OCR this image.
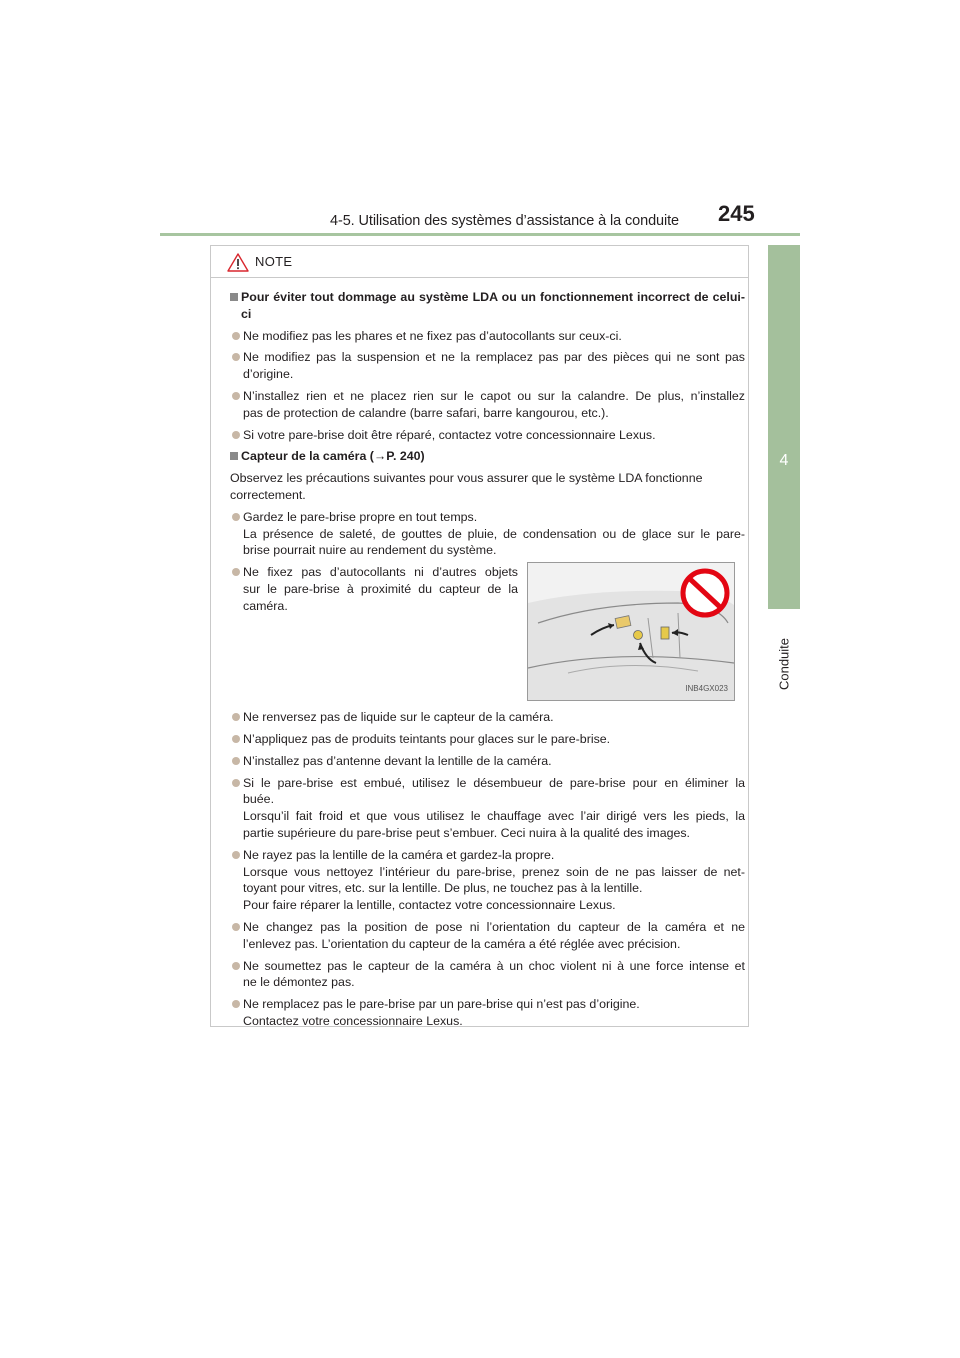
4-5. Utilisation des systèmes d’assistance à la conduite 245
4
Conduite
NOTE
Pour éviter tout dommage au système LDA ou un fonctionnement incorrect de celui-
ci
Ne modifiez pas les phares et ne fixez pas d’autocollants sur ceux-ci.
Ne modifiez pas la suspension et ne la remplacez pas par des pièces qui ne sont pas
d’origine.
N’installez rien et ne placez rien sur le capot ou sur la calandre. De plus, n’installez
pas de protection de calandre (barre safari, barre kangourou, etc.).
Si votre pare-brise doit être réparé, contactez votre concessionnaire Lexus.
Capteur de la caméra (→P. 240)
Observez les précautions suivantes pour vous assurer que le système LDA fonctionne
correctement.
Gardez le pare-brise propre en tout temps.
La présence de saleté, de gouttes de pluie, de condensation ou de glace sur le pare-
brise pourrait nuire au rendement du système.
Ne fixez pas d’autocollants ni d’autres objets
sur le pare-brise à proximité du capteur de la
caméra.
INB4GX023
Ne renversez pas de liquide sur le capteur de la caméra.
N’appliquez pas de produits teintants pour glaces sur le pare-brise.
N’installez pas d’antenne devant la lentille de la caméra.
Si le pare-brise est embué, utilisez le désembueur de pare-brise pour en éliminer la
buée.
Lorsqu’il fait froid et que vous utilisez le chauffage avec l’air dirigé vers les pieds, la
partie supérieure du pare-brise peut s’embuer. Ceci nuira à la qualité des images.
Ne rayez pas la lentille de la caméra et gardez-la propre.
Lorsque vous nettoyez l’intérieur du pare-brise, prenez soin de ne pas laisser de net-
toyant pour vitres, etc. sur la lentille. De plus, ne touchez pas à la lentille.
Pour faire réparer la lentille, contactez votre concessionnaire Lexus.
Ne changez pas la position de pose ni l’orientation du capteur de la caméra et ne
l’enlevez pas. L’orientation du capteur de la caméra a été réglée avec précision.
Ne soumettez pas le capteur de la caméra à un choc violent ni à une force intense et
ne le démontez pas.
Ne remplacez pas le pare-brise par un pare-brise qui n’est pas d’origine.
Contactez votre concessionnaire Lexus.
